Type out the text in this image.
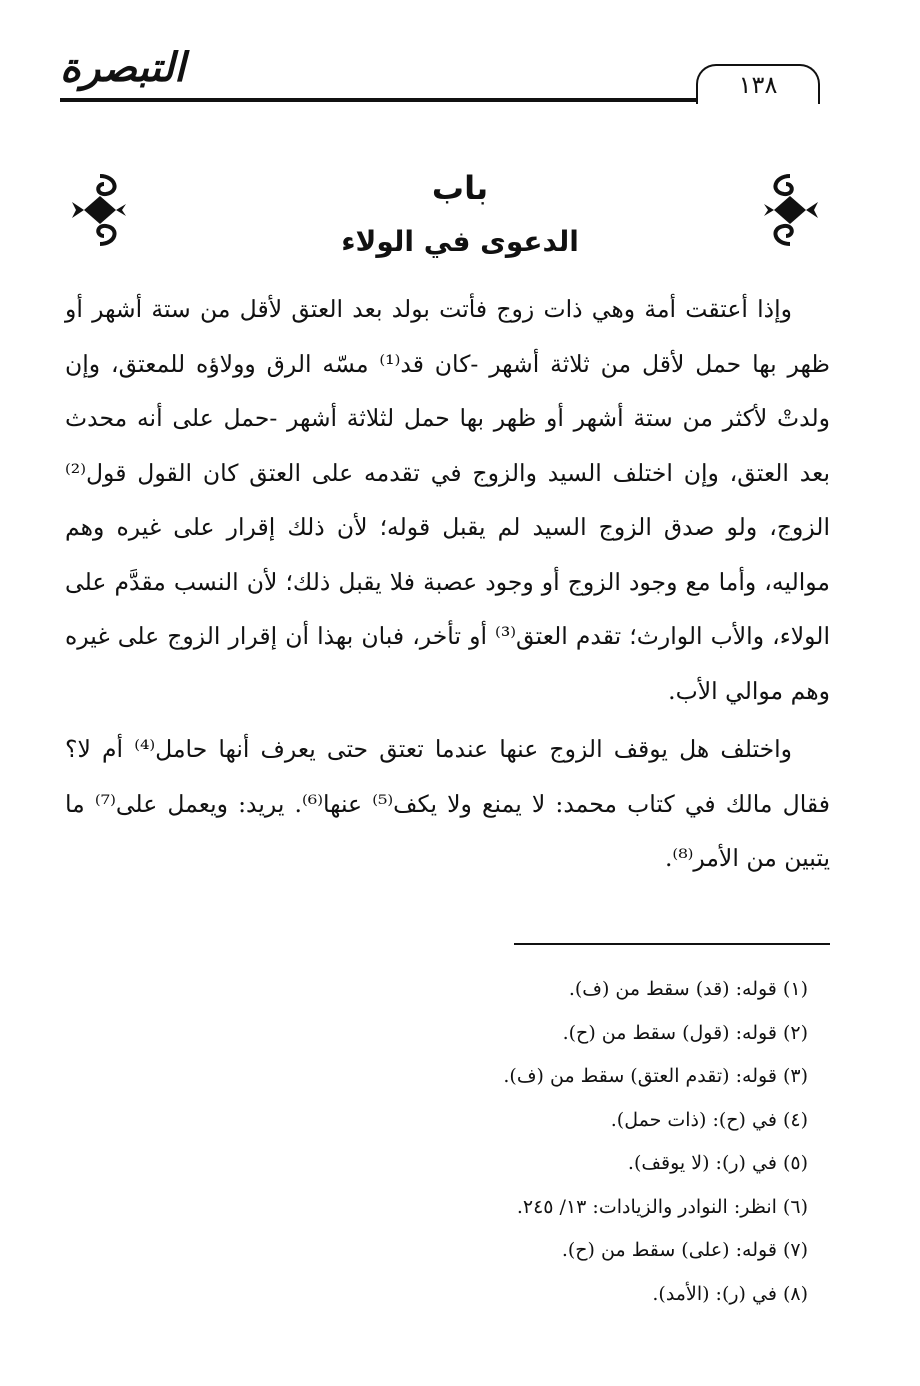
١٣٨
التبصرة
باب
الدعوى في الولاء

وإذا أعتقت أمة وهي ذات زوج فأتت بولد بعد العتق لأقل من ستة أشهر أو ظهر بها حمل لأقل من ثلاثة أشهر -كان قد⁽¹⁾ مسّه الرق وولاؤه للمعتق، وإن ولدتْ لأكثر من ستة أشهر أو ظهر بها حمل لثلاثة أشهر -حمل على أنه محدث بعد العتق، وإن اختلف السيد والزوج في تقدمه على العتق كان القول قول⁽²⁾ الزوج، ولو صدق الزوج السيد لم يقبل قوله؛ لأن ذلك إقرار على غيره وهم مواليه، وأما مع وجود الزوج أو وجود عصبة فلا يقبل ذلك؛ لأن النسب مقدَّم على الولاء، والأب الوارث؛ تقدم العتق⁽³⁾ أو تأخر، فبان بهذا أن إقرار الزوج على غيره وهم موالي الأب.

واختلف هل يوقف الزوج عنها عندما تعتق حتى يعرف أنها حامل⁽⁴⁾ أم لا؟ فقال مالك في كتاب محمد: لا يمنع ولا يكف⁽⁵⁾ عنها⁽⁶⁾. يريد: ويعمل على⁽⁷⁾ ما يتبين من الأمر⁽⁸⁾.

(١) قوله: (قد) سقط من (ف).
(٢) قوله: (قول) سقط من (ح).
(٣) قوله: (تقدم العتق) سقط من (ف).
(٤) في (ح): (ذات حمل).
(٥) في (ر): (لا يوقف).
(٦) انظر: النوادر والزيادات: ١٣/ ٢٤٥.
(٧) قوله: (على) سقط من (ح).
(٨) في (ر): (الأمد).
